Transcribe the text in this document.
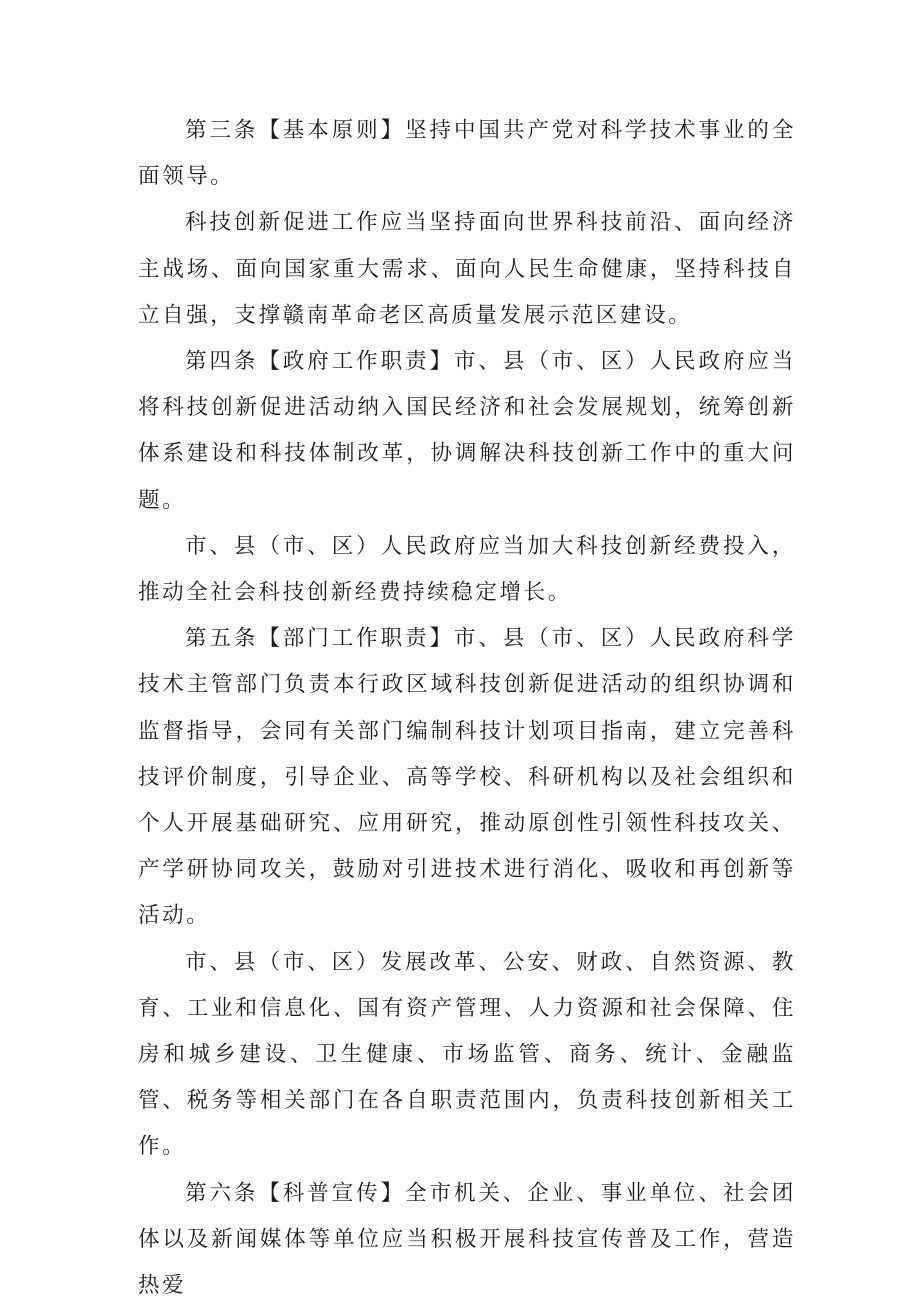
第三条【基本原则】坚持中国共产党对科学技术事业的全面领导。

科技创新促进工作应当坚持面向世界科技前沿、面向经济主战场、面向国家重大需求、面向人民生命健康，坚持科技自立自强，支撑赣南革命老区高质量发展示范区建设。

第四条【政府工作职责】市、县（市、区）人民政府应当将科技创新促进活动纳入国民经济和社会发展规划，统筹创新体系建设和科技体制改革，协调解决科技创新工作中的重大问题。

市、县（市、区）人民政府应当加大科技创新经费投入，推动全社会科技创新经费持续稳定增长。

第五条【部门工作职责】市、县（市、区）人民政府科学技术主管部门负责本行政区域科技创新促进活动的组织协调和监督指导，会同有关部门编制科技计划项目指南，建立完善科技评价制度，引导企业、高等学校、科研机构以及社会组织和个人开展基础研究、应用研究，推动原创性引领性科技攻关、产学研协同攻关，鼓励对引进技术进行消化、吸收和再创新等活动。

市、县（市、区）发展改革、公安、财政、自然资源、教育、工业和信息化、国有资产管理、人力资源和社会保障、住房和城乡建设、卫生健康、市场监管、商务、统计、金融监管、税务等相关部门在各自职责范围内，负责科技创新相关工作。

第六条【科普宣传】全市机关、企业、事业单位、社会团体以及新闻媒体等单位应当积极开展科技宣传普及工作，营造热爱
